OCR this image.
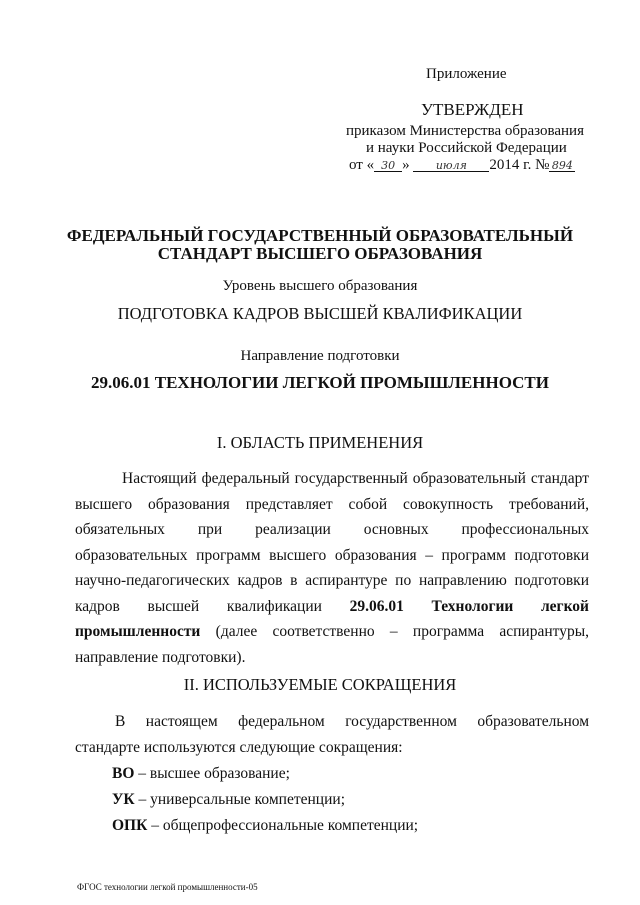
Приложение
УТВЕРЖДЕН
приказом Министерства образования
и науки Российской Федерации
от « 30 » июля 2014 г. № 894
ФЕДЕРАЛЬНЫЙ ГОСУДАРСТВЕННЫЙ ОБРАЗОВАТЕЛЬНЫЙ
СТАНДАРТ ВЫСШЕГО ОБРАЗОВАНИЯ
Уровень высшего образования
ПОДГОТОВКА КАДРОВ ВЫСШЕЙ КВАЛИФИКАЦИИ
Направление подготовки
29.06.01 ТЕХНОЛОГИИ ЛЕГКОЙ ПРОМЫШЛЕННОСТИ
I. ОБЛАСТЬ ПРИМЕНЕНИЯ
Настоящий федеральный государственный образовательный стандарт высшего образования представляет собой совокупность требований, обязательных при реализации основных профессиональных образовательных программ высшего образования – программ подготовки научно-педагогических кадров в аспирантуре по направлению подготовки кадров высшей квалификации 29.06.01 Технологии легкой промышленности (далее соответственно – программа аспирантуры, направление подготовки).
II. ИСПОЛЬЗУЕМЫЕ СОКРАЩЕНИЯ
В настоящем федеральном государственном образовательном стандарте используются следующие сокращения:
ВО – высшее образование;
УК – универсальные компетенции;
ОПК – общепрофессиональные компетенции;
ФГОС технологии легкой промышленности-05
